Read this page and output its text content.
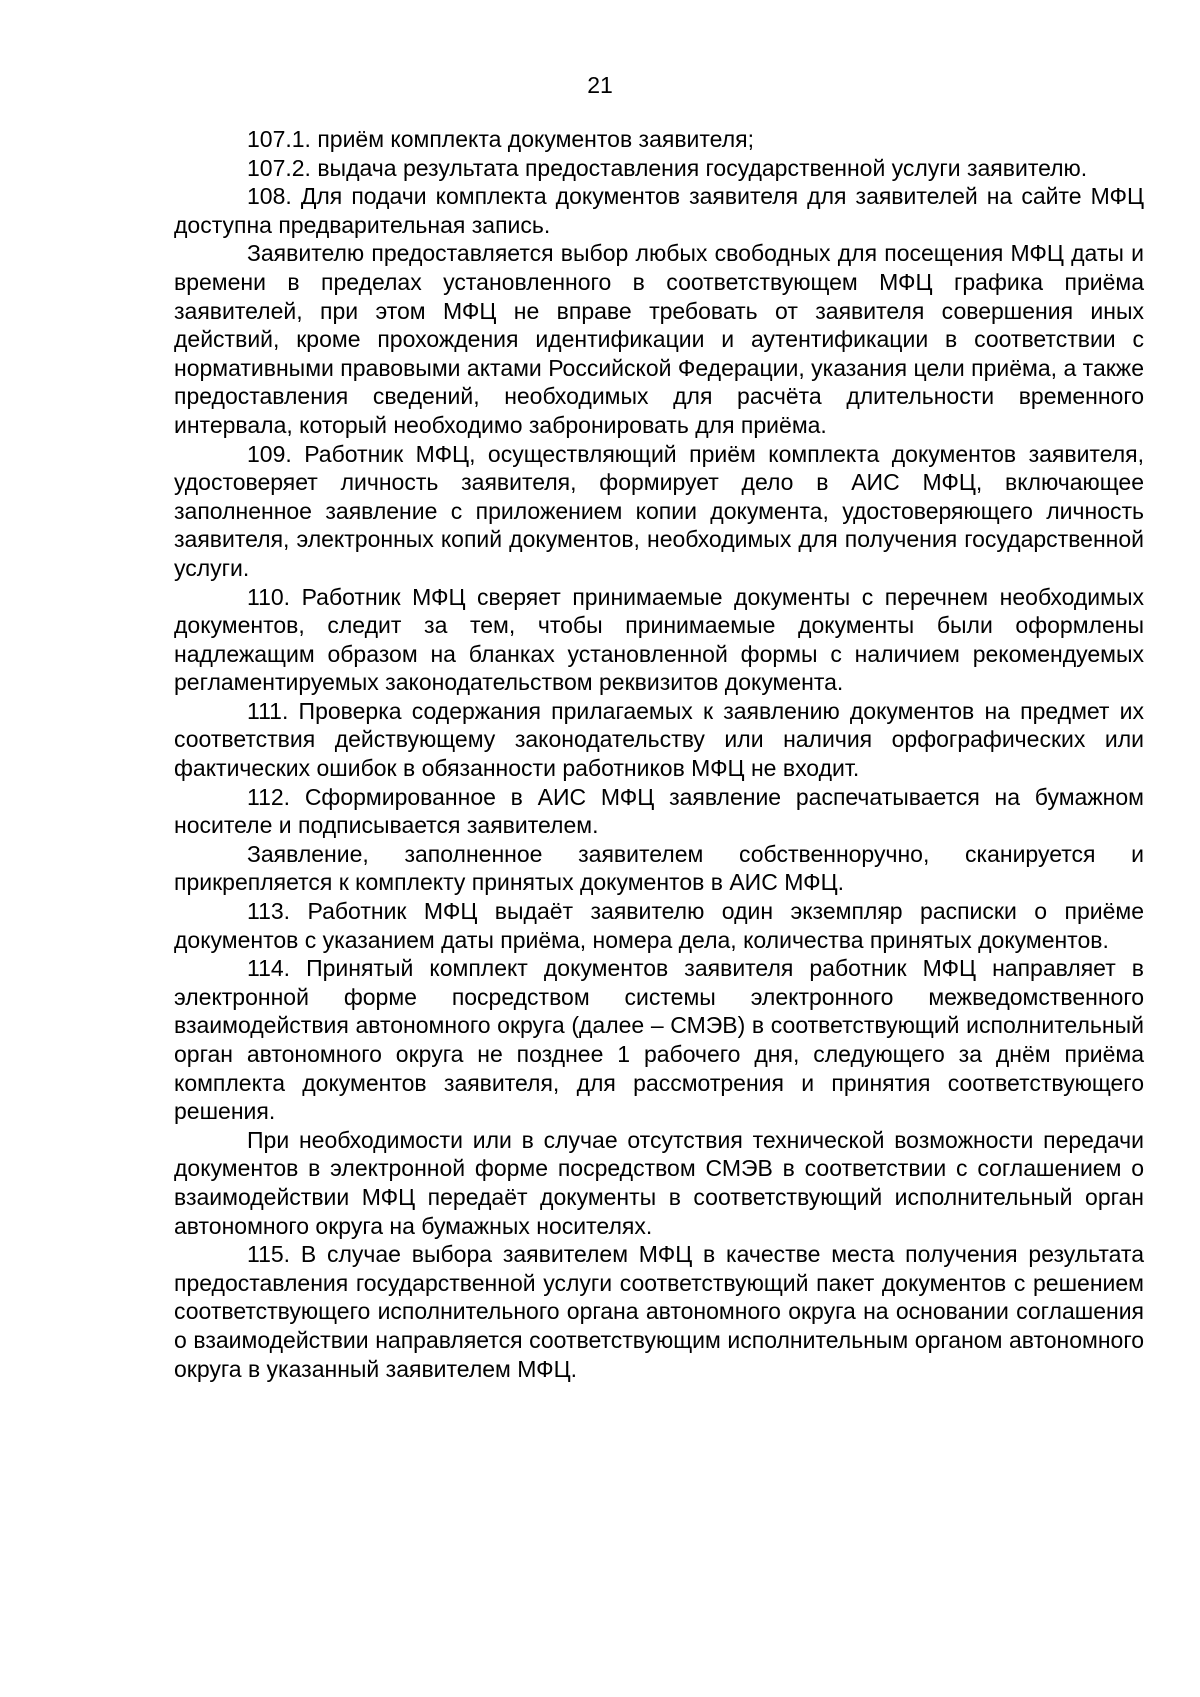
21

107.1. приём комплекта документов заявителя;

107.2. выдача результата предоставления государственной услуги заявителю.

108. Для подачи комплекта документов заявителя для заявителей на сайте МФЦ доступна предварительная запись.

Заявителю предоставляется выбор любых свободных для посещения МФЦ даты и времени в пределах установленного в соответствующем МФЦ графика приёма заявителей, при этом МФЦ не вправе требовать от заявителя совершения иных действий, кроме прохождения идентификации и аутентификации в соответствии с нормативными правовыми актами Российской Федерации, указания цели приёма, а также предоставления сведений, необходимых для расчёта длительности временного интервала, который необходимо забронировать для приёма.

109. Работник МФЦ, осуществляющий приём комплекта документов заявителя, удостоверяет личность заявителя, формирует дело в АИС МФЦ, включающее заполненное заявление с приложением копии документа, удостоверяющего личность заявителя, электронных копий документов, необходимых для получения государственной услуги.

110. Работник МФЦ сверяет принимаемые документы с перечнем необходимых документов, следит за тем, чтобы принимаемые документы были оформлены надлежащим образом на бланках установленной формы с наличием рекомендуемых регламентируемых законодательством реквизитов документа.

111. Проверка содержания прилагаемых к заявлению документов на предмет их соответствия действующему законодательству или наличия орфографических или фактических ошибок в обязанности работников МФЦ не входит.

112. Сформированное в АИС МФЦ заявление распечатывается на бумажном носителе и подписывается заявителем.

Заявление, заполненное заявителем собственноручно, сканируется и прикрепляется к комплекту принятых документов в АИС МФЦ.

113. Работник МФЦ выдаёт заявителю один экземпляр расписки о приёме документов с указанием даты приёма, номера дела, количества принятых документов.

114. Принятый комплект документов заявителя работник МФЦ направляет в электронной форме посредством системы электронного межведомственного взаимодействия автономного округа (далее – СМЭВ) в соответствующий исполнительный орган автономного округа не позднее 1 рабочего дня, следующего за днём приёма комплекта документов заявителя, для рассмотрения и принятия соответствующего решения.

При необходимости или в случае отсутствия технической возможности передачи документов в электронной форме посредством СМЭВ в соответствии с соглашением о взаимодействии МФЦ передаёт документы в соответствующий исполнительный орган автономного округа на бумажных носителях.

115. В случае выбора заявителем МФЦ в качестве места получения результата предоставления государственной услуги соответствующий пакет документов с решением соответствующего исполнительного органа автономного округа на основании соглашения о взаимодействии направляется соответствующим исполнительным органом автономного округа в указанный заявителем МФЦ.
